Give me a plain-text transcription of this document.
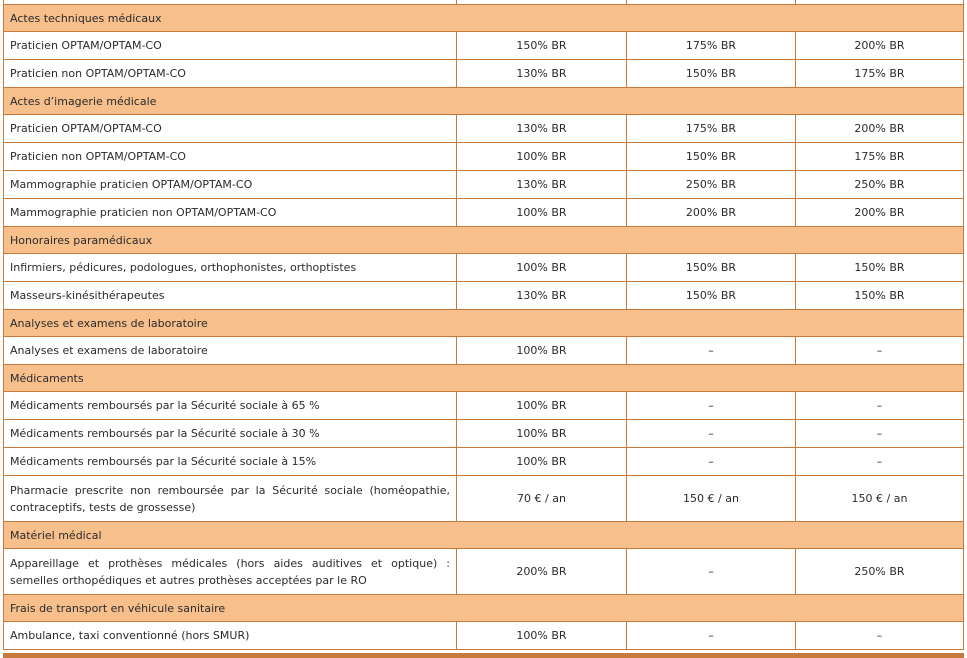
Actes techniques médicaux			
Praticien OPTAM/OPTAM-CO	150% BR	175% BR	200% BR
Praticien non OPTAM/OPTAM-CO	130% BR	150% BR	175% BR
Actes d’imagerie médicale			
Praticien OPTAM/OPTAM-CO	130% BR	175% BR	200% BR
Praticien non OPTAM/OPTAM-CO	100% BR	150% BR	175% BR
Mammographie praticien OPTAM/OPTAM-CO	130% BR	250% BR	250% BR
Mammographie praticien non OPTAM/OPTAM-CO	100% BR	200% BR	200% BR
Honoraires paramédicaux			
Infirmiers, pédicures, podologues, orthophonistes, orthoptistes	100% BR	150% BR	150% BR
Masseurs-kinésithérapeutes	130% BR	150% BR	150% BR
Analyses et examens de laboratoire			
Analyses et examens de laboratoire	100% BR	–	–
Médicaments			
Médicaments remboursés par la Sécurité sociale à 65 %	100% BR	–	–
Médicaments remboursés par la Sécurité sociale à 30 %	100% BR	–	–
Médicaments remboursés par la Sécurité sociale à 15%	100% BR	–	–
Pharmacie prescrite non remboursée par la Sécurité sociale (homéopathie, contraceptifs, tests de grossesse)	70 € / an	150 € / an	150 € / an
Matériel médical			
Appareillage et prothèses médicales (hors aides auditives et optique) : semelles orthopédiques et autres prothèses acceptées par le RO	200% BR	–	250% BR
Frais de transport en véhicule sanitaire			
Ambulance, taxi conventionné (hors SMUR)	100% BR	–	–
